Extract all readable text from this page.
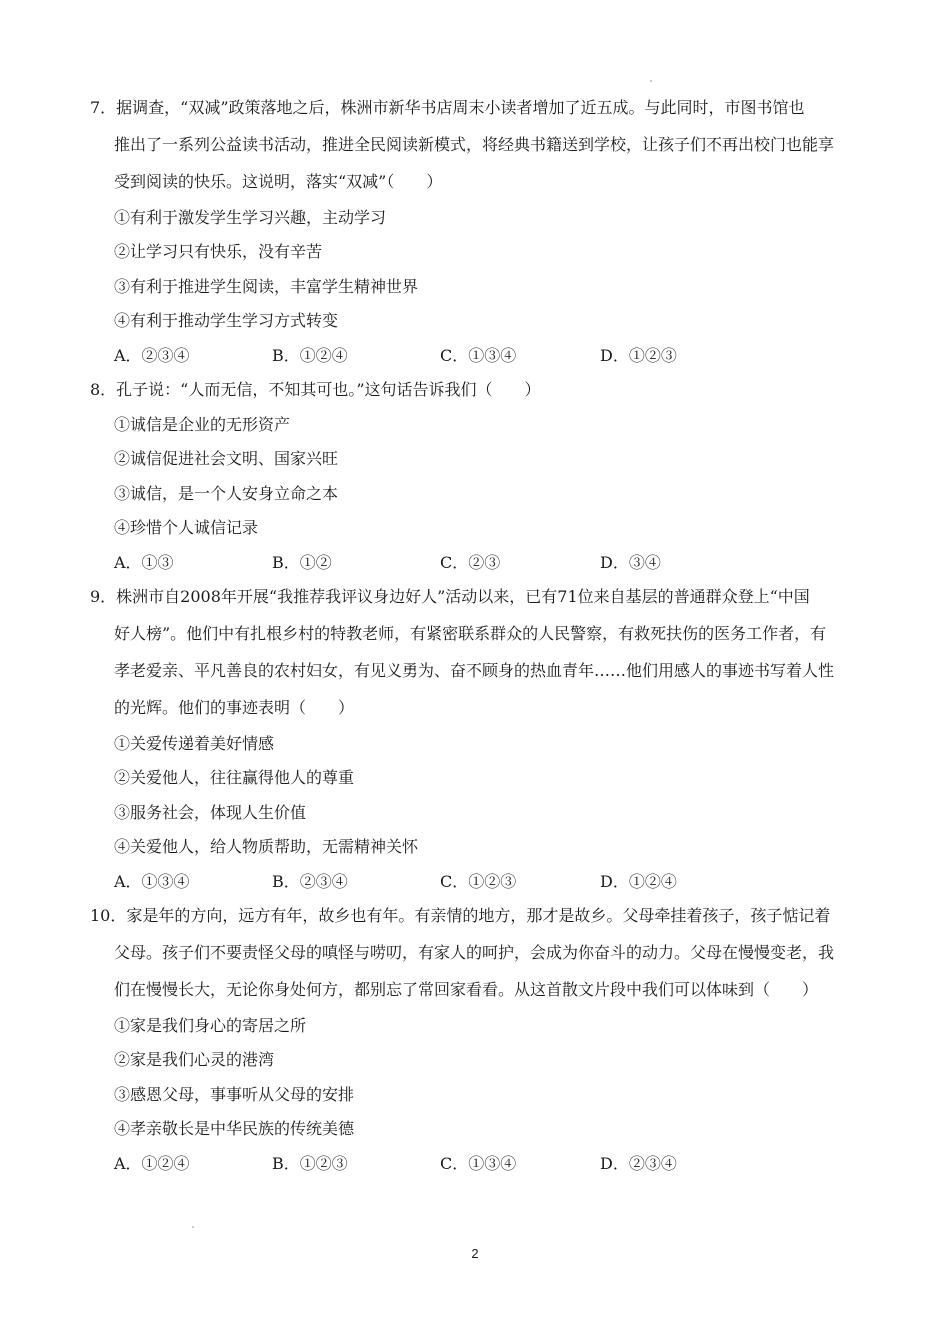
7．据调查，“双减”政策落地之后，株洲市新华书店周末小读者增加了近五成。与此同时，市图书馆也
推出了一系列公益读书活动，推进全民阅读新模式，将经典书籍送到学校，让孩子们不再出校门也能享
受到阅读的快乐。这说明，落实“双减”（　　）
①有利于激发学生学习兴趣，主动学习
②让学习只有快乐，没有辛苦
③有利于推进学生阅读，丰富学生精神世界
④有利于推动学生学习方式转变
A．②③④	B．①②④	C．①③④	D．①②③
8．孔子说：“人而无信，不知其可也。”这句话告诉我们（　　）
①诚信是企业的无形资产
②诚信促进社会文明、国家兴旺
③诚信，是一个人安身立命之本
④珍惜个人诚信记录
A．①③	B．①②	C．②③	D．③④
9．株洲市自2008年开展“我推荐我评议身边好人”活动以来，已有71位来自基层的普通群众登上“中国
好人榜”。他们中有扎根乡村的特教老师，有紧密联系群众的人民警察，有救死扶伤的医务工作者，有
孝老爱亲、平凡善良的农村妇女，有见义勇为、奋不顾身的热血青年……他们用感人的事迹书写着人性
的光辉。他们的事迹表明（　　）
①关爱传递着美好情感
②关爱他人，往往赢得他人的尊重
③服务社会，体现人生价值
④关爱他人，给人物质帮助，无需精神关怀
A．①③④	B．②③④	C．①②③	D．①②④
10．家是年的方向，远方有年，故乡也有年。有亲情的地方，那才是故乡。父母牵挂着孩子，孩子惦记着
父母。孩子们不要责怪父母的嗔怪与唠叨，有家人的呵护，会成为你奋斗的动力。父母在慢慢变老，我
们在慢慢长大，无论你身处何方，都别忘了常回家看看。从这首散文片段中我们可以体味到（　　）
①家是我们身心的寄居之所
②家是我们心灵的港湾
③感恩父母，事事听从父母的安排
④孝亲敬长是中华民族的传统美德
A．①②④	B．①②③	C．①③④	D．②③④
2
